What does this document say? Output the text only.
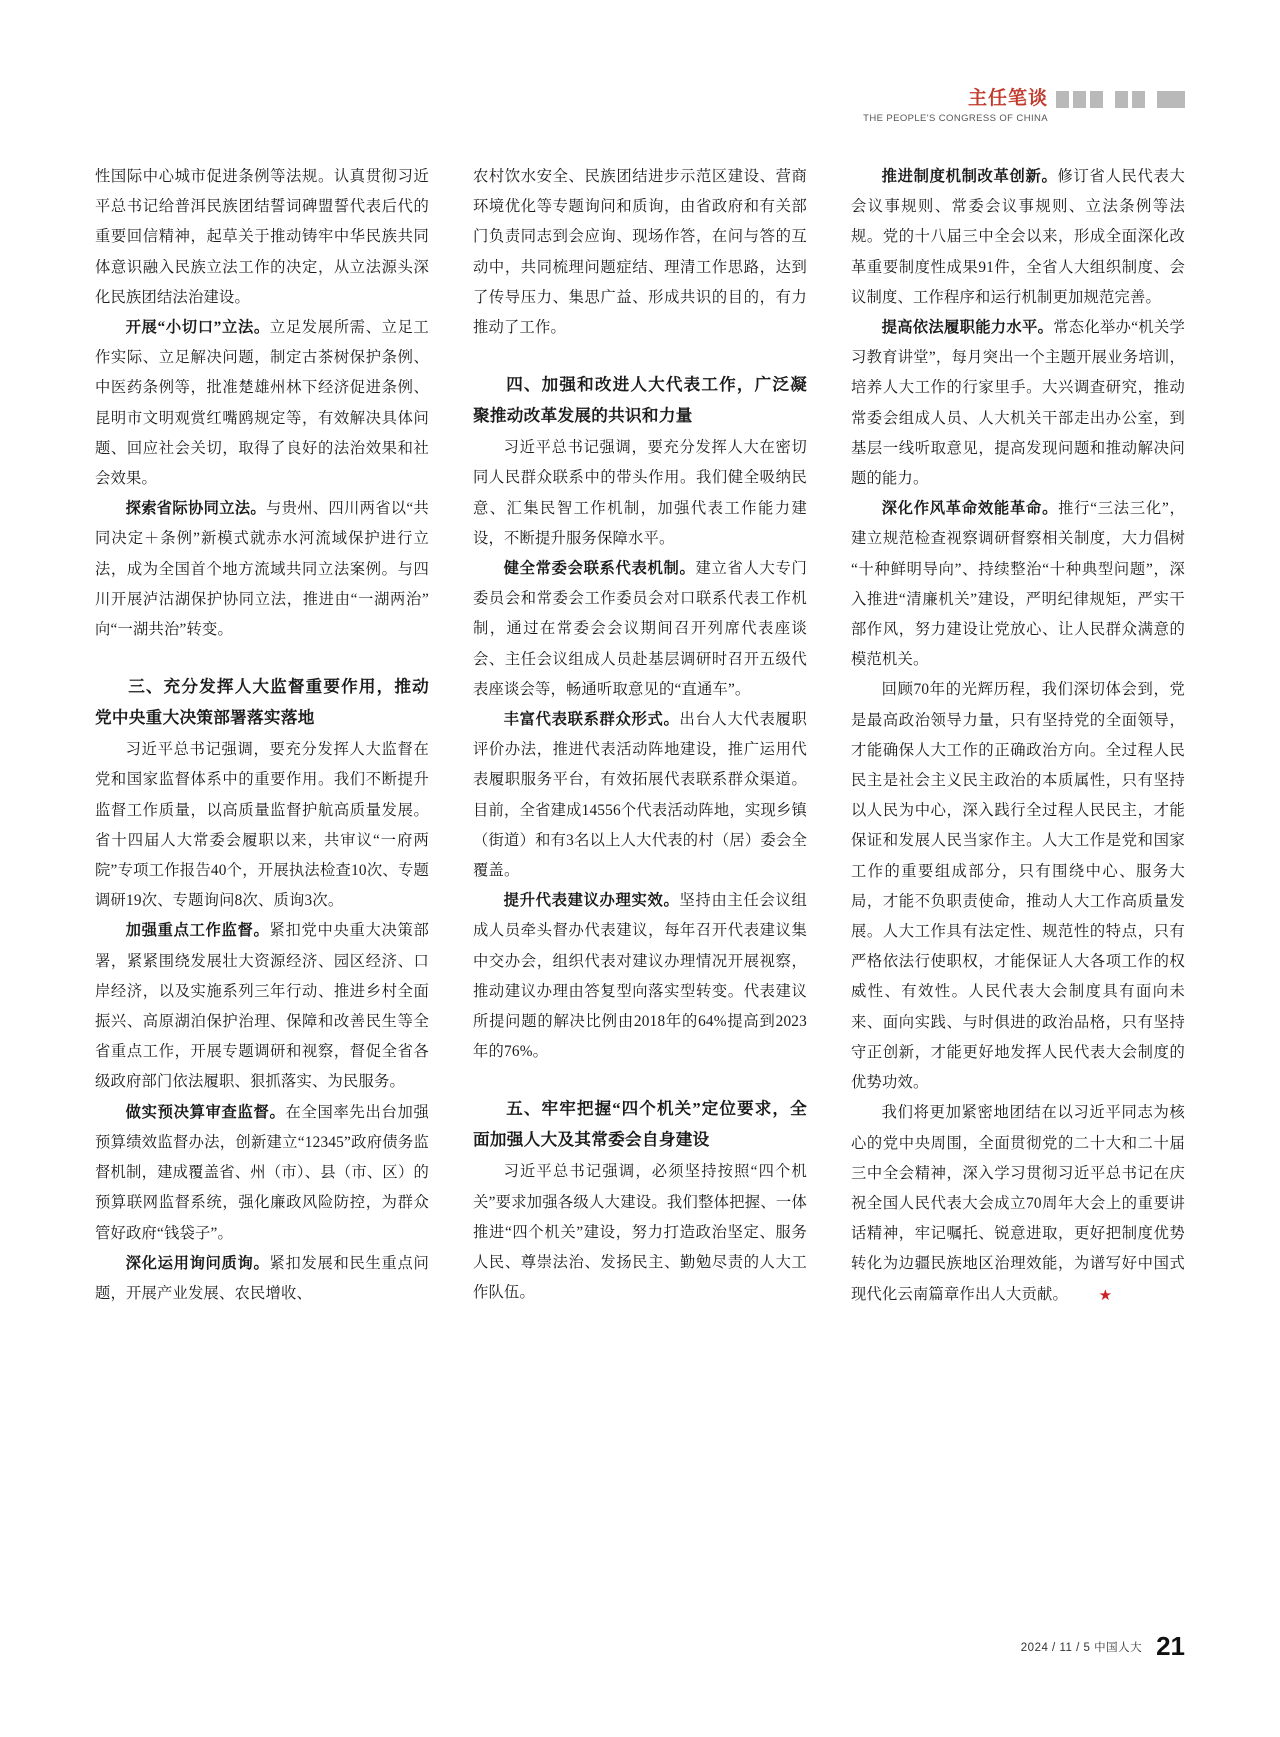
主任笔谈
THE PEOPLE'S CONGRESS OF CHINA

性国际中心城市促进条例等法规。认真贯彻习近平总书记给普洱民族团结誓词碑盟誓代表后代的重要回信精神，起草关于推动铸牢中华民族共同体意识融入民族立法工作的决定，从立法源头深化民族团结法治建设。

开展“小切口”立法。立足发展所需、立足工作实际、立足解决问题，制定古茶树保护条例、中医药条例等，批准楚雄州林下经济促进条例、昆明市文明观赏红嘴鸥规定等，有效解决具体问题、回应社会关切，取得了良好的法治效果和社会效果。

探索省际协同立法。与贵州、四川两省以“共同决定＋条例”新模式就赤水河流域保护进行立法，成为全国首个地方流域共同立法案例。与四川开展泸沽湖保护协同立法，推进由“一湖两治”向“一湖共治”转变。

三、充分发挥人大监督重要作用，推动党中央重大决策部署落实落地

习近平总书记强调，要充分发挥人大监督在党和国家监督体系中的重要作用。我们不断提升监督工作质量，以高质量监督护航高质量发展。省十四届人大常委会履职以来，共审议“一府两院”专项工作报告40个，开展执法检查10次、专题调研19次、专题询问8次、质询3次。

加强重点工作监督。紧扣党中央重大决策部署，紧紧围绕发展壮大资源经济、园区经济、口岸经济，以及实施系列三年行动、推进乡村全面振兴、高原湖泊保护治理、保障和改善民生等全省重点工作，开展专题调研和视察，督促全省各级政府部门依法履职、狠抓落实、为民服务。

做实预决算审查监督。在全国率先出台加强预算绩效监督办法，创新建立“12345”政府债务监督机制，建成覆盖省、州（市）、县（市、区）的预算联网监督系统，强化廉政风险防控，为群众管好政府“钱袋子”。

深化运用询问质询。紧扣发展和民生重点问题，开展产业发展、农民增收、

农村饮水安全、民族团结进步示范区建设、营商环境优化等专题询问和质询，由省政府和有关部门负责同志到会应询、现场作答，在问与答的互动中，共同梳理问题症结、理清工作思路，达到了传导压力、集思广益、形成共识的目的，有力推动了工作。

四、加强和改进人大代表工作，广泛凝聚推动改革发展的共识和力量

习近平总书记强调，要充分发挥人大在密切同人民群众联系中的带头作用。我们健全吸纳民意、汇集民智工作机制，加强代表工作能力建设，不断提升服务保障水平。

健全常委会联系代表机制。建立省人大专门委员会和常委会工作委员会对口联系代表工作机制，通过在常委会会议期间召开列席代表座谈会、主任会议组成人员赴基层调研时召开五级代表座谈会等，畅通听取意见的“直通车”。

丰富代表联系群众形式。出台人大代表履职评价办法，推进代表活动阵地建设，推广运用代表履职服务平台，有效拓展代表联系群众渠道。目前，全省建成14556个代表活动阵地，实现乡镇（街道）和有3名以上人大代表的村（居）委会全覆盖。

提升代表建议办理实效。坚持由主任会议组成人员牵头督办代表建议，每年召开代表建议集中交办会，组织代表对建议办理情况开展视察，推动建议办理由答复型向落实型转变。代表建议所提问题的解决比例由2018年的64%提高到2023年的76%。

五、牢牢把握“四个机关”定位要求，全面加强人大及其常委会自身建设

习近平总书记强调，必须坚持按照“四个机关”要求加强各级人大建设。我们整体把握、一体推进“四个机关”建设，努力打造政治坚定、服务人民、尊崇法治、发扬民主、勤勉尽责的人大工作队伍。

推进制度机制改革创新。修订省人民代表大会议事规则、常委会议事规则、立法条例等法规。党的十八届三中全会以来，形成全面深化改革重要制度性成果91件，全省人大组织制度、会议制度、工作程序和运行机制更加规范完善。

提高依法履职能力水平。常态化举办“机关学习教育讲堂”，每月突出一个主题开展业务培训，培养人大工作的行家里手。大兴调查研究，推动常委会组成人员、人大机关干部走出办公室，到基层一线听取意见，提高发现问题和推动解决问题的能力。

深化作风革命效能革命。推行“三法三化”，建立规范检查视察调研督察相关制度，大力倡树“十种鲜明导向”、持续整治“十种典型问题”，深入推进“清廉机关”建设，严明纪律规矩，严实干部作风，努力建设让党放心、让人民群众满意的模范机关。

回顾70年的光辉历程，我们深切体会到，党是最高政治领导力量，只有坚持党的全面领导，才能确保人大工作的正确政治方向。全过程人民民主是社会主义民主政治的本质属性，只有坚持以人民为中心，深入践行全过程人民民主，才能保证和发展人民当家作主。人大工作是党和国家工作的重要组成部分，只有围绕中心、服务大局，才能不负职责使命，推动人大工作高质量发展。人大工作具有法定性、规范性的特点，只有严格依法行使职权，才能保证人大各项工作的权威性、有效性。人民代表大会制度具有面向未来、面向实践、与时俱进的政治品格，只有坚持守正创新，才能更好地发挥人民代表大会制度的优势功效。

我们将更加紧密地团结在以习近平同志为核心的党中央周围，全面贯彻党的二十大和二十届三中全会精神，深入学习贯彻习近平总书记在庆祝全国人民代表大会成立70周年大会上的重要讲话精神，牢记嘱托、锐意进取，更好把制度优势转化为边疆民族地区治理效能，为谱写好中国式现代化云南篇章作出人大贡献。 ★

2024 / 11 / 5 中国人大 21
